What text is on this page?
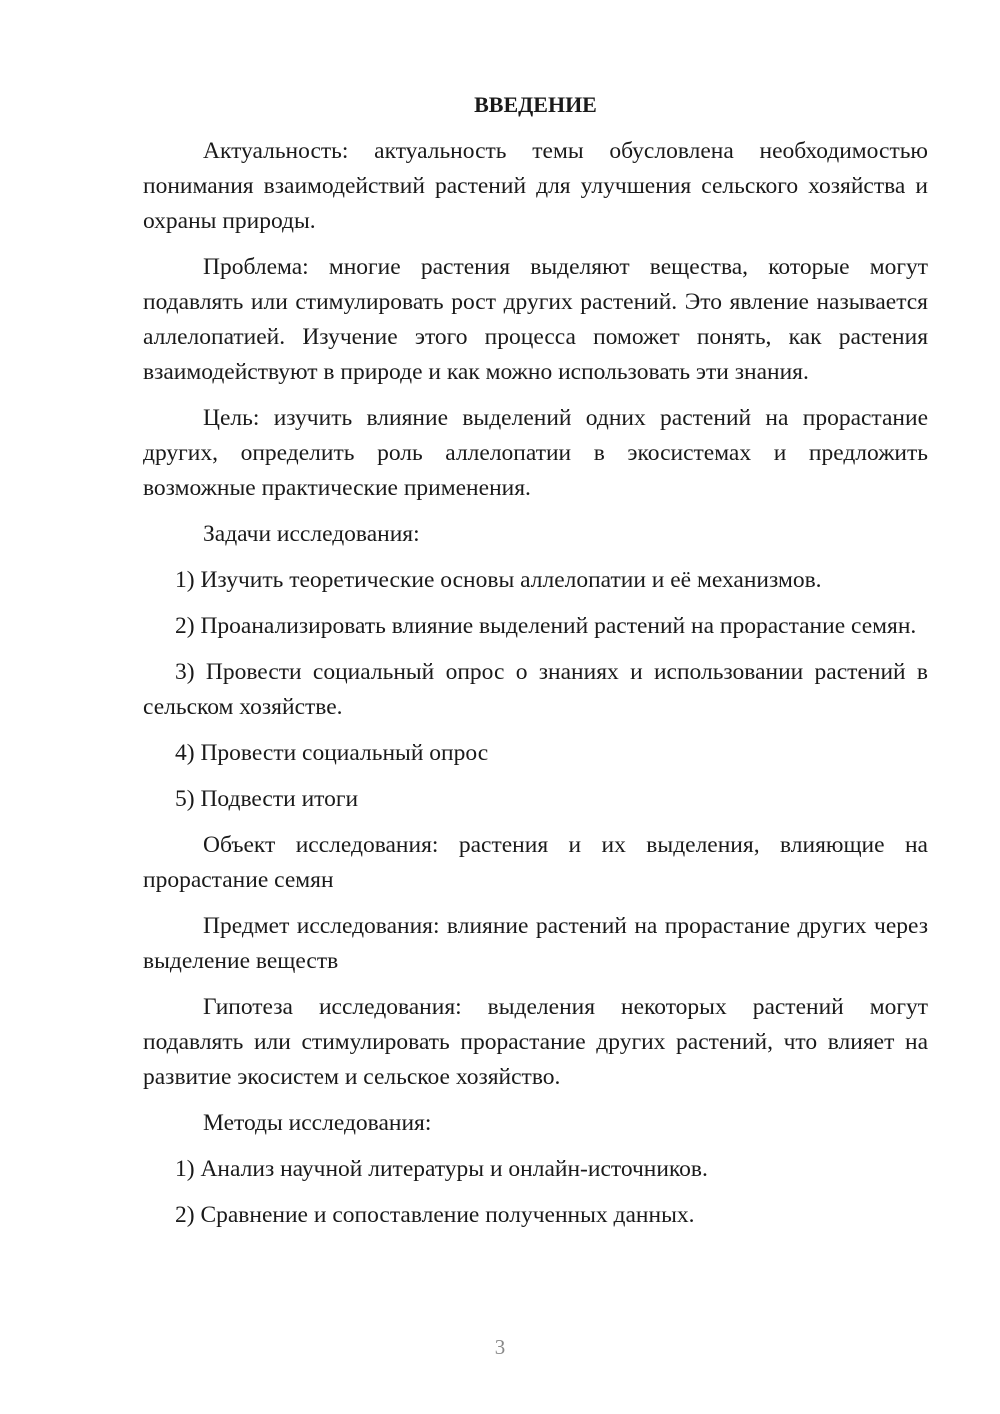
ВВЕДЕНИЕ

Актуальность: актуальность темы обусловлена необходимостью понимания взаимодействий растений для улучшения сельского хозяйства и охраны природы.

Проблема: многие растения выделяют вещества, которые могут подавлять или стимулировать рост других растений. Это явление называется аллелопатией. Изучение этого процесса поможет понять, как растения взаимодействуют в природе и как можно использовать эти знания.

Цель: изучить влияние выделений одних растений на прорастание других, определить роль аллелопатии в экосистемах и предложить возможные практические применения.

Задачи исследования:

1) Изучить теоретические основы аллелопатии и её механизмов.

2) Проанализировать влияние выделений растений на прорастание семян.

3) Провести социальный опрос о знаниях и использовании растений в сельском хозяйстве.

4) Провести социальный опрос

5) Подвести итоги

Объект исследования: растения и их выделения, влияющие на прорастание семян

Предмет исследования: влияние растений на прорастание других через выделение веществ

Гипотеза исследования: выделения некоторых растений могут подавлять или стимулировать прорастание других растений, что влияет на развитие экосистем и сельское хозяйство.

Методы исследования:

1) Анализ научной литературы и онлайн-источников.

2) Сравнение и сопоставление полученных данных.

3
